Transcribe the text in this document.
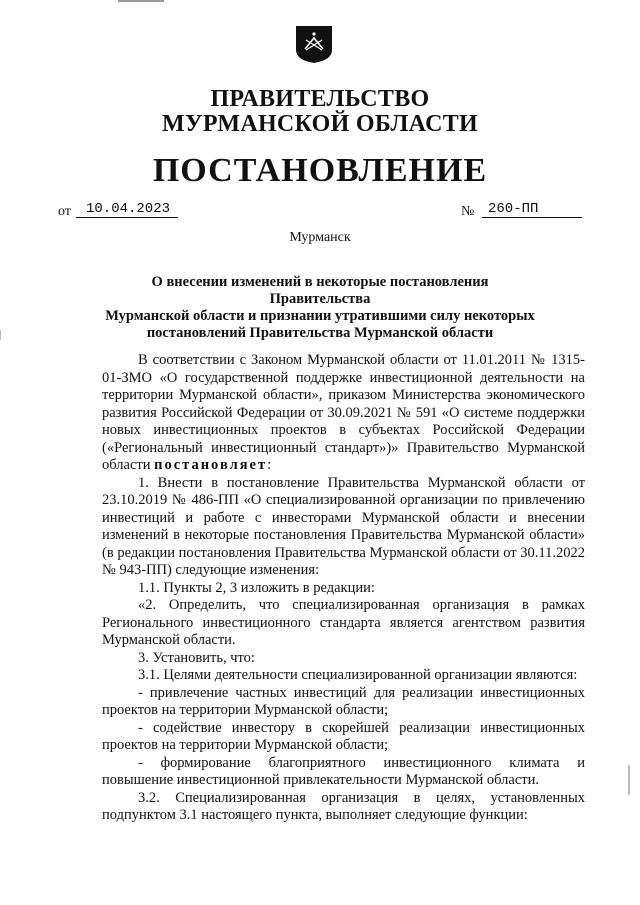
ПРАВИТЕЛЬСТВО
МУРМАНСКОЙ ОБЛАСТИ
ПОСТАНОВЛЕНИЕ
от	10.04.2023	№ 260-ПП
Мурманск
О внесении изменений в некоторые постановления Правительства
Мурманской области и признании утратившими силу некоторых
постановлений Правительства Мурманской области

В соответствии с Законом Мурманской области от 11.01.2011 № 1315-01-ЗМО «О государственной поддержке инвестиционной деятельности на территории Мурманской области», приказом Министерства экономического развития Российской Федерации от 30.09.2021 № 591 «О системе поддержки новых инвестиционных проектов в субъектах Российской Федерации («Региональный инвестиционный стандарт»)» Правительство Мурманской области постановляет:

1. Внести в постановление Правительства Мурманской области от 23.10.2019 № 486-ПП «О специализированной организации по привлечению инвестиций и работе с инвесторами Мурманской области и внесении изменений в некоторые постановления Правительства Мурманской области» (в редакции постановления Правительства Мурманской области от 30.11.2022 № 943-ПП) следующие изменения:

1.1. Пункты 2, 3 изложить в редакции:

«2. Определить, что специализированная организация в рамках Регионального инвестиционного стандарта является агентством развития Мурманской области.

3. Установить, что:

3.1. Целями деятельности специализированной организации являются:

- привлечение частных инвестиций для реализации инвестиционных проектов на территории Мурманской области;

- содействие инвестору в скорейшей реализации инвестиционных проектов на территории Мурманской области;

- формирование благоприятного инвестиционного климата и повышение инвестиционной привлекательности Мурманской области.

3.2. Специализированная организация в целях, установленных подпунктом 3.1 настоящего пункта, выполняет следующие функции:
